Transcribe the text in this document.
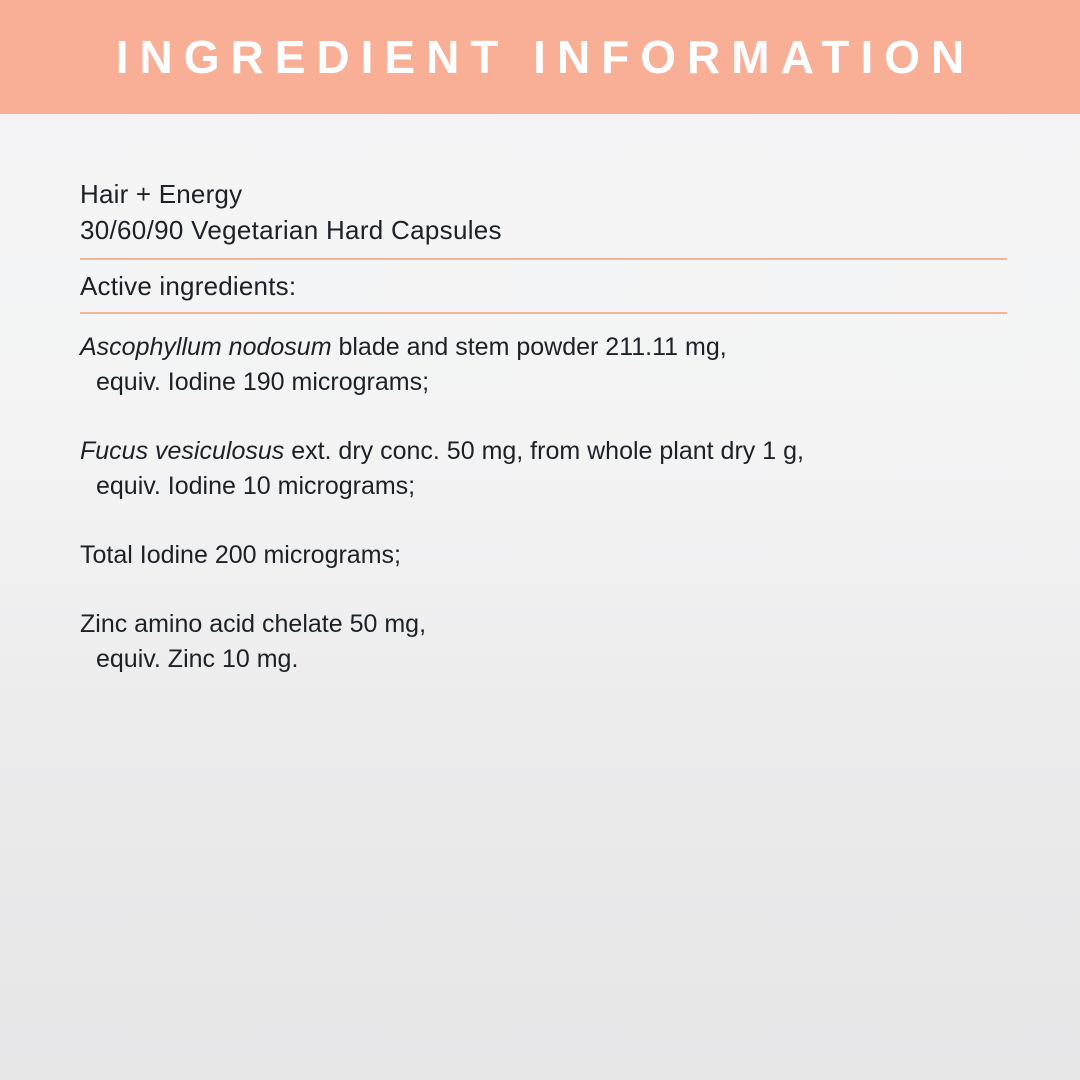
INGREDIENT INFORMATION
Hair + Energy
30/60/90 Vegetarian Hard Capsules
Active ingredients:
Ascophyllum nodosum blade and stem powder 211.11 mg,
equiv. Iodine 190 micrograms;
Fucus vesiculosus ext. dry conc. 50 mg, from whole plant dry 1 g,
equiv. Iodine 10 micrograms;
Total Iodine 200 micrograms;
Zinc amino acid chelate 50 mg,
equiv. Zinc 10 mg.
